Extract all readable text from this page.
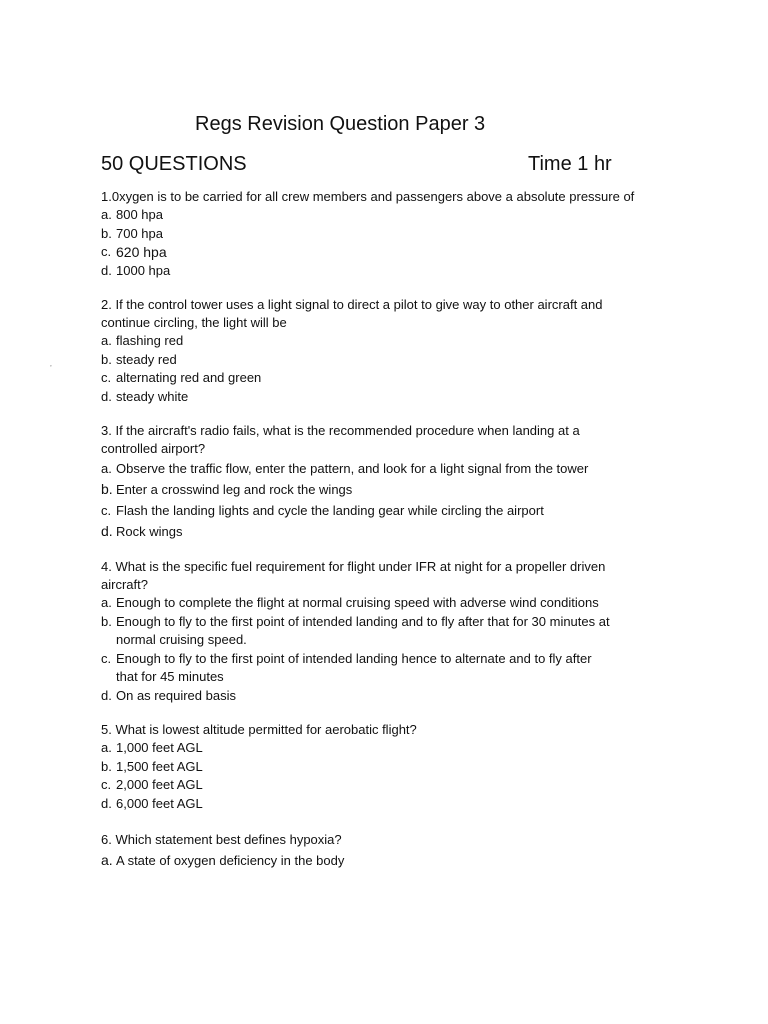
Regs Revision Question Paper 3
50 QUESTIONS	Time 1 hr
’
1.0xygen is to be carried for all crew members and passengers above a absolute pressure of
a. 800 hpa
b. 700 hpa
c. 620 hpa
d. 1000 hpa
2. If the control tower uses a light signal to direct a pilot to give way to other aircraft and continue circling, the light will be
a. flashing red
b. steady red
c. alternating red and green
d. steady white
3. If the aircraft's radio fails, what is the recommended procedure when landing at a controlled airport?
a. Observe the traffic flow, enter the pattern, and look for a light signal from the tower
b. Enter a crosswind leg and rock the wings
c. Flash the landing lights and cycle the landing gear while circling the airport
d. Rock wings
4. What is the specific fuel requirement for flight under IFR at night for a propeller driven aircraft?
a. Enough to complete the flight at normal cruising speed with adverse wind conditions
b. Enough to fly to the first point of intended landing and to fly after that for 30 minutes at normal cruising speed.
c. Enough to fly to the first point of intended landing hence to alternate and to fly after that for 45 minutes
d. On as required basis
5. What is lowest altitude permitted for aerobatic flight?
a. 1,000 feet AGL
b. 1,500 feet AGL
c. 2,000 feet AGL
d. 6,000 feet AGL
6. Which statement best defines hypoxia?
a. A state of oxygen deficiency in the body
